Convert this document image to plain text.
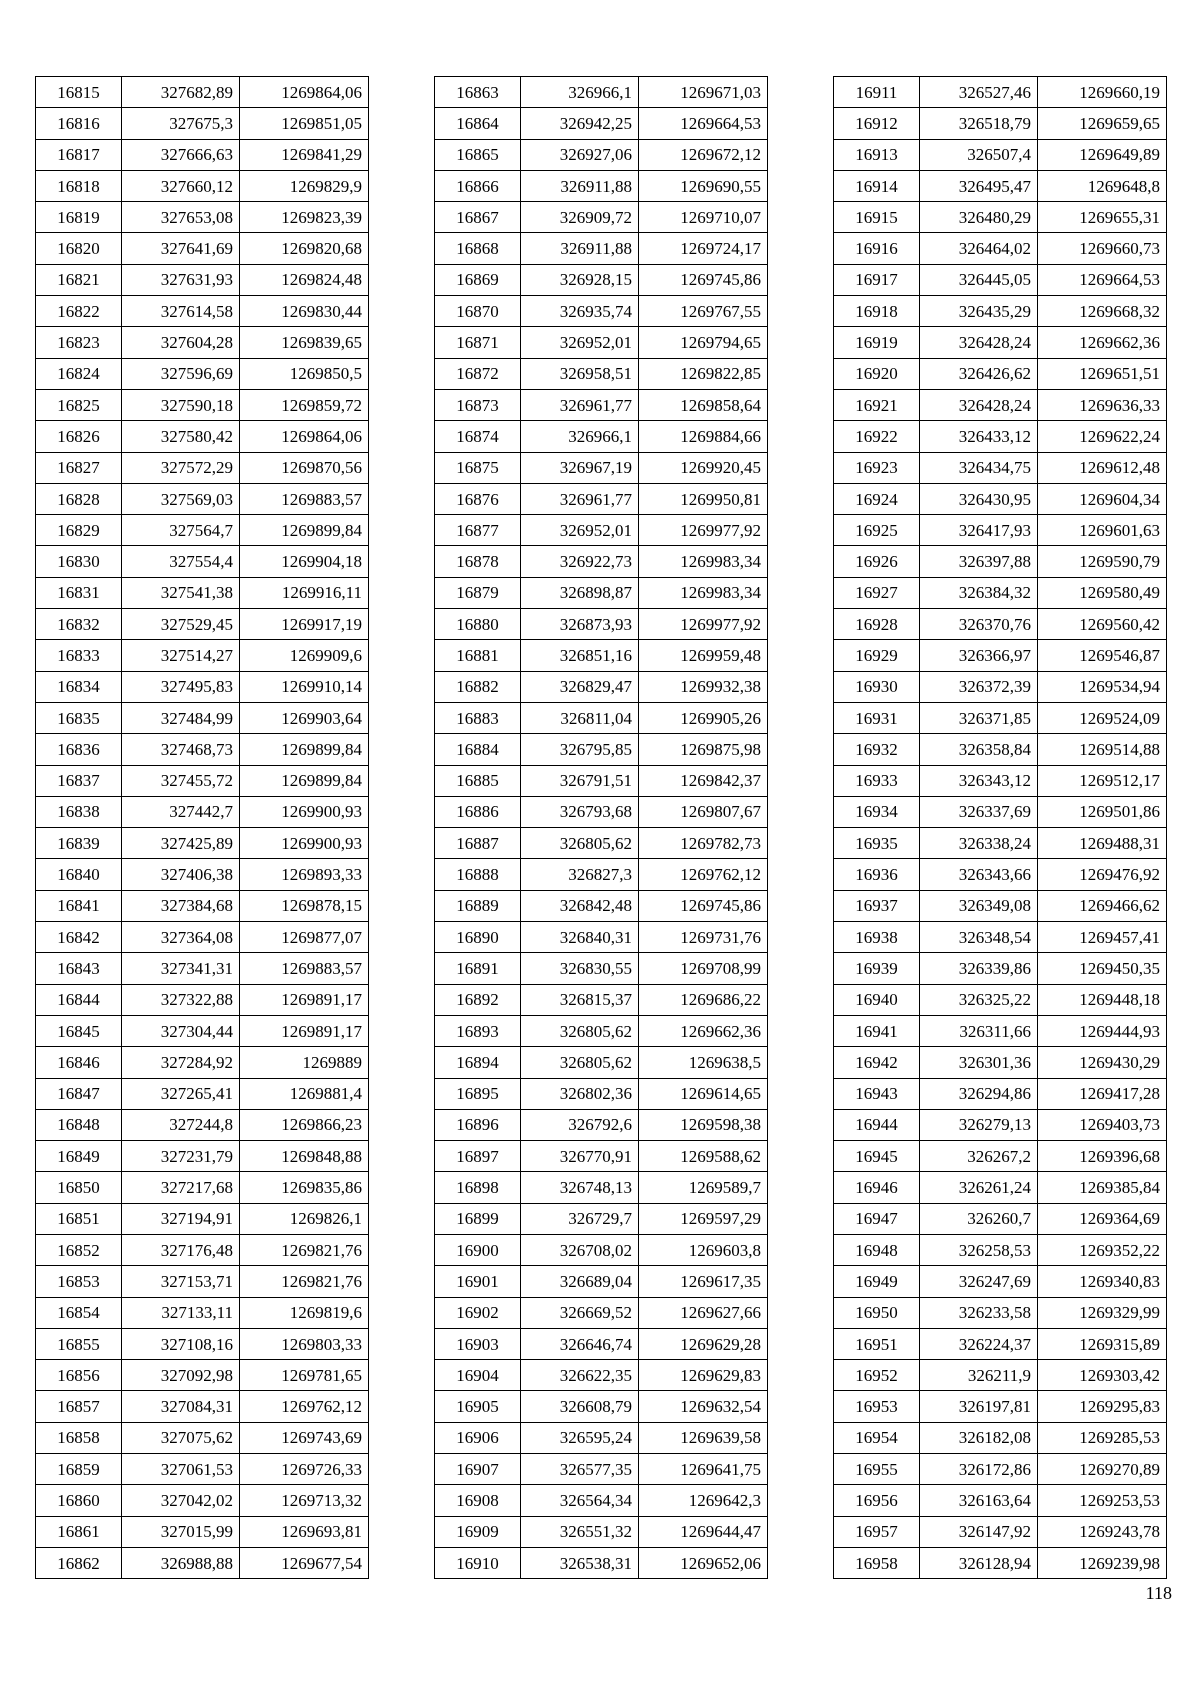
16815	327682,89	1269864,06
16816	327675,3	1269851,05
16817	327666,63	1269841,29
16818	327660,12	1269829,9
16819	327653,08	1269823,39
16820	327641,69	1269820,68
16821	327631,93	1269824,48
16822	327614,58	1269830,44
16823	327604,28	1269839,65
16824	327596,69	1269850,5
16825	327590,18	1269859,72
16826	327580,42	1269864,06
16827	327572,29	1269870,56
16828	327569,03	1269883,57
16829	327564,7	1269899,84
16830	327554,4	1269904,18
16831	327541,38	1269916,11
16832	327529,45	1269917,19
16833	327514,27	1269909,6
16834	327495,83	1269910,14
16835	327484,99	1269903,64
16836	327468,73	1269899,84
16837	327455,72	1269899,84
16838	327442,7	1269900,93
16839	327425,89	1269900,93
16840	327406,38	1269893,33
16841	327384,68	1269878,15
16842	327364,08	1269877,07
16843	327341,31	1269883,57
16844	327322,88	1269891,17
16845	327304,44	1269891,17
16846	327284,92	1269889
16847	327265,41	1269881,4
16848	327244,8	1269866,23
16849	327231,79	1269848,88
16850	327217,68	1269835,86
16851	327194,91	1269826,1
16852	327176,48	1269821,76
16853	327153,71	1269821,76
16854	327133,11	1269819,6
16855	327108,16	1269803,33
16856	327092,98	1269781,65
16857	327084,31	1269762,12
16858	327075,62	1269743,69
16859	327061,53	1269726,33
16860	327042,02	1269713,32
16861	327015,99	1269693,81
16862	326988,88	1269677,54
16863	326966,1	1269671,03
16864	326942,25	1269664,53
16865	326927,06	1269672,12
16866	326911,88	1269690,55
16867	326909,72	1269710,07
16868	326911,88	1269724,17
16869	326928,15	1269745,86
16870	326935,74	1269767,55
16871	326952,01	1269794,65
16872	326958,51	1269822,85
16873	326961,77	1269858,64
16874	326966,1	1269884,66
16875	326967,19	1269920,45
16876	326961,77	1269950,81
16877	326952,01	1269977,92
16878	326922,73	1269983,34
16879	326898,87	1269983,34
16880	326873,93	1269977,92
16881	326851,16	1269959,48
16882	326829,47	1269932,38
16883	326811,04	1269905,26
16884	326795,85	1269875,98
16885	326791,51	1269842,37
16886	326793,68	1269807,67
16887	326805,62	1269782,73
16888	326827,3	1269762,12
16889	326842,48	1269745,86
16890	326840,31	1269731,76
16891	326830,55	1269708,99
16892	326815,37	1269686,22
16893	326805,62	1269662,36
16894	326805,62	1269638,5
16895	326802,36	1269614,65
16896	326792,6	1269598,38
16897	326770,91	1269588,62
16898	326748,13	1269589,7
16899	326729,7	1269597,29
16900	326708,02	1269603,8
16901	326689,04	1269617,35
16902	326669,52	1269627,66
16903	326646,74	1269629,28
16904	326622,35	1269629,83
16905	326608,79	1269632,54
16906	326595,24	1269639,58
16907	326577,35	1269641,75
16908	326564,34	1269642,3
16909	326551,32	1269644,47
16910	326538,31	1269652,06
16911	326527,46	1269660,19
16912	326518,79	1269659,65
16913	326507,4	1269649,89
16914	326495,47	1269648,8
16915	326480,29	1269655,31
16916	326464,02	1269660,73
16917	326445,05	1269664,53
16918	326435,29	1269668,32
16919	326428,24	1269662,36
16920	326426,62	1269651,51
16921	326428,24	1269636,33
16922	326433,12	1269622,24
16923	326434,75	1269612,48
16924	326430,95	1269604,34
16925	326417,93	1269601,63
16926	326397,88	1269590,79
16927	326384,32	1269580,49
16928	326370,76	1269560,42
16929	326366,97	1269546,87
16930	326372,39	1269534,94
16931	326371,85	1269524,09
16932	326358,84	1269514,88
16933	326343,12	1269512,17
16934	326337,69	1269501,86
16935	326338,24	1269488,31
16936	326343,66	1269476,92
16937	326349,08	1269466,62
16938	326348,54	1269457,41
16939	326339,86	1269450,35
16940	326325,22	1269448,18
16941	326311,66	1269444,93
16942	326301,36	1269430,29
16943	326294,86	1269417,28
16944	326279,13	1269403,73
16945	326267,2	1269396,68
16946	326261,24	1269385,84
16947	326260,7	1269364,69
16948	326258,53	1269352,22
16949	326247,69	1269340,83
16950	326233,58	1269329,99
16951	326224,37	1269315,89
16952	326211,9	1269303,42
16953	326197,81	1269295,83
16954	326182,08	1269285,53
16955	326172,86	1269270,89
16956	326163,64	1269253,53
16957	326147,92	1269243,78
16958	326128,94	1269239,98
118
